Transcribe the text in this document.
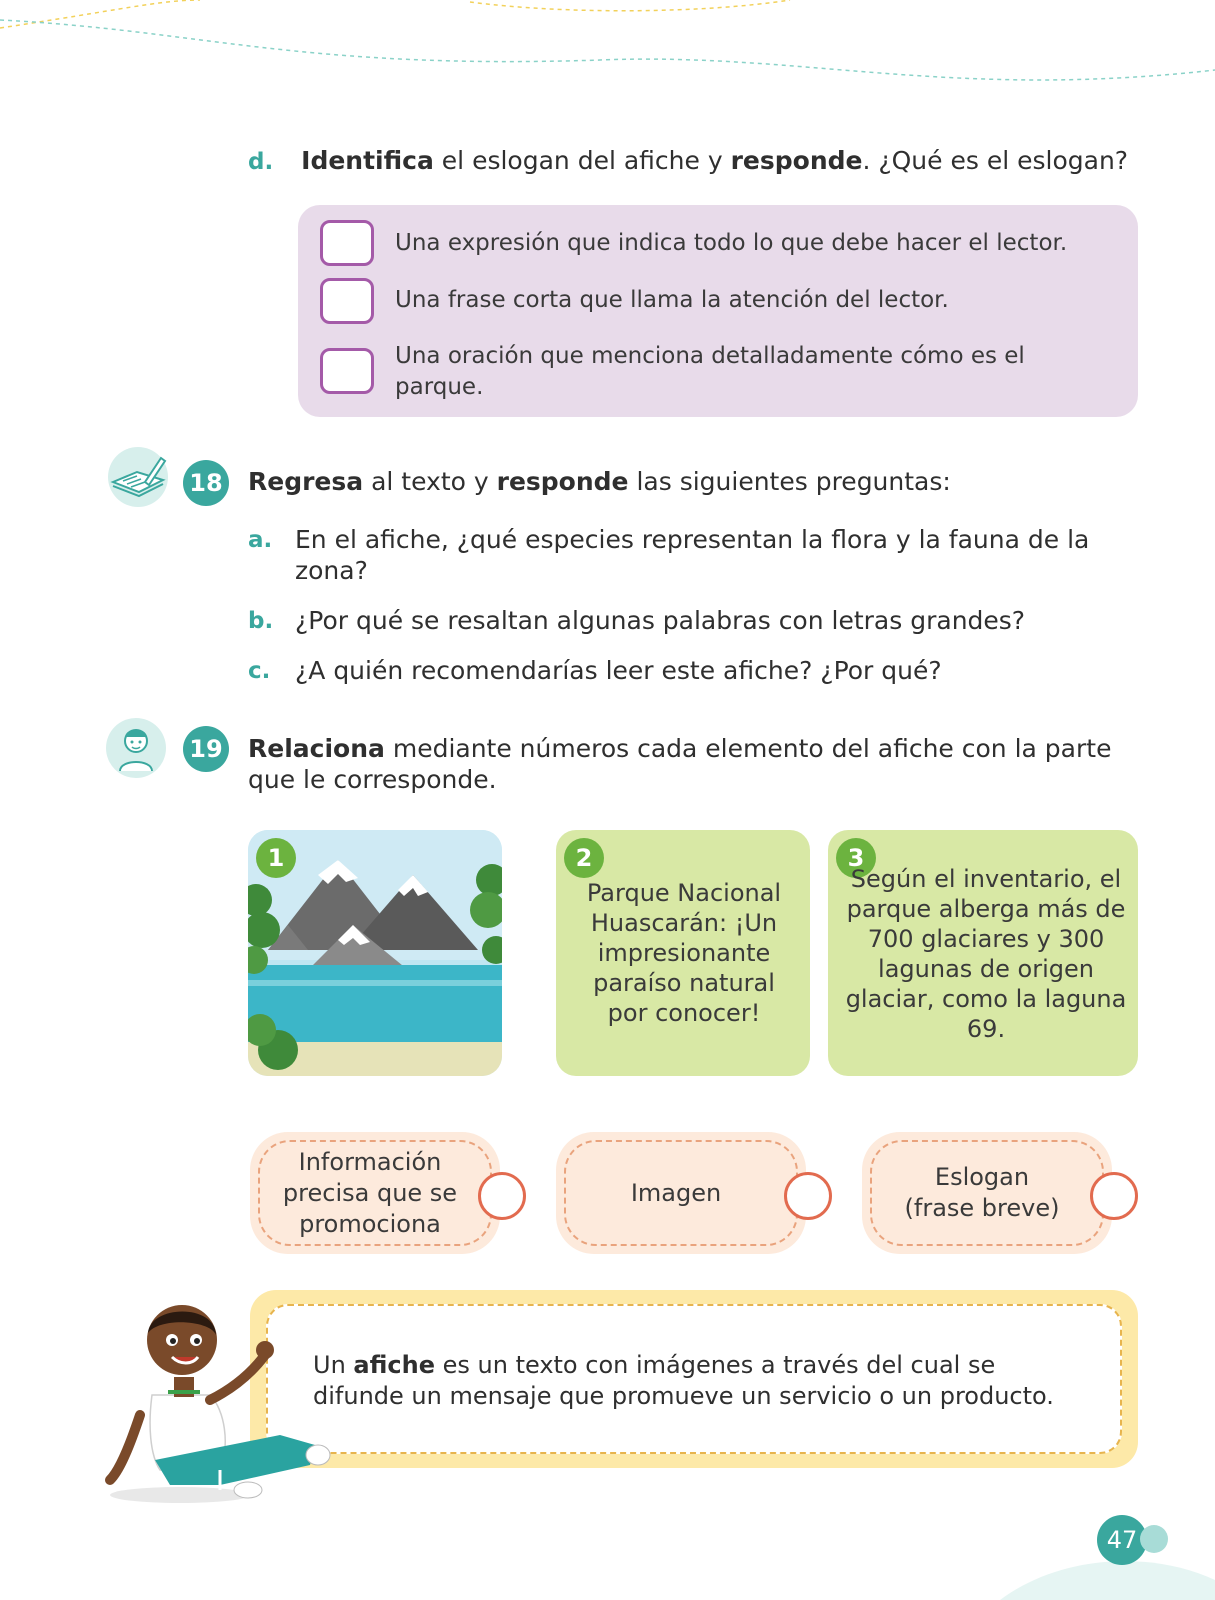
d. Identifica el eslogan del afiche y responde. ¿Qué es el eslogan?
Una expresión que indica todo lo que debe hacer el lector.
Una frase corta que llama la atención del lector.
Una oración que menciona detalladamente cómo es el parque.
18 Regresa al texto y responde las siguientes preguntas:
a. En el afiche, ¿qué especies representan la flora y la fauna de la zona?
b. ¿Por qué se resaltan algunas palabras con letras grandes?
c. ¿A quién recomendarías leer este afiche? ¿Por qué?
19 Relaciona mediante números cada elemento del afiche con la parte que le corresponde.
1	2
Parque Nacional Huascarán: ¡Un impresionante paraíso natural por conocer!
3
Según el inventario, el parque alberga más de 700 glaciares y 300 lagunas de origen glaciar, como la laguna 69.
Información precisa que se promociona
Imagen
Eslogan (frase breve)
Un afiche es un texto con imágenes a través del cual se difunde un mensaje que promueve un servicio o un producto.
47
